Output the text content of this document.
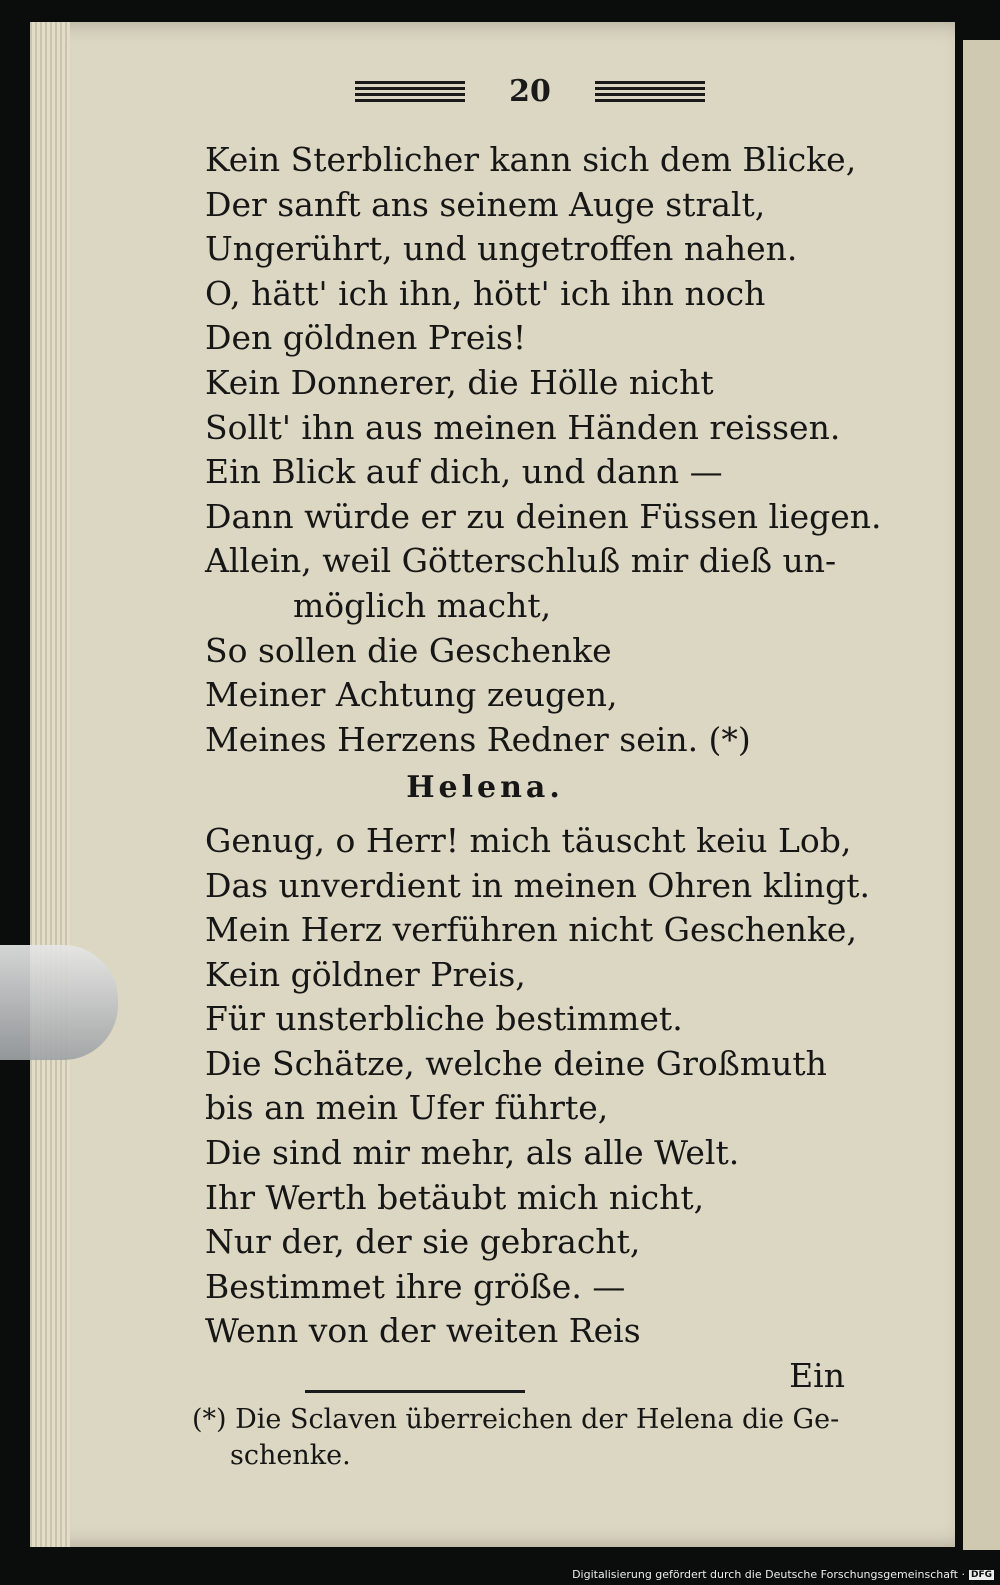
20
Kein Sterblicher kann sich dem Blicke,
Der sanft ans seinem Auge stralt,
Ungerührt, und ungetroffen nahen.
O, hätt' ich ihn, hött' ich ihn noch
Den göldnen Preis!
Kein Donnerer, die Hölle nicht
Sollt' ihn aus meinen Händen reissen.
Ein Blick auf dich, und dann —
Dann würde er zu deinen Füssen liegen.
Allein, weil Götterschluß mir dieß un-
möglich macht,
So sollen die Geschenke
Meiner Achtung zeugen,
Meines Herzens Redner sein. (*)
Helena.
Genug, o Herr! mich täuscht keiu Lob,
Das unverdient in meinen Ohren klingt.
Mein Herz verführen nicht Geschenke,
Kein göldner Preis,
Für unsterbliche bestimmet.
Die Schätze, welche deine Großmuth
bis an mein Ufer führte,
Die sind mir mehr, als alle Welt.
Ihr Werth betäubt mich nicht,
Nur der, der sie gebracht,
Bestimmet ihre größe. —
Wenn von der weiten Reis
Ein
(*) Die Sclaven überreichen der Helena die Ge-
schenke.
Digitalisierung gefördert durch die Deutsche Forschungsgemeinschaft · DFG
